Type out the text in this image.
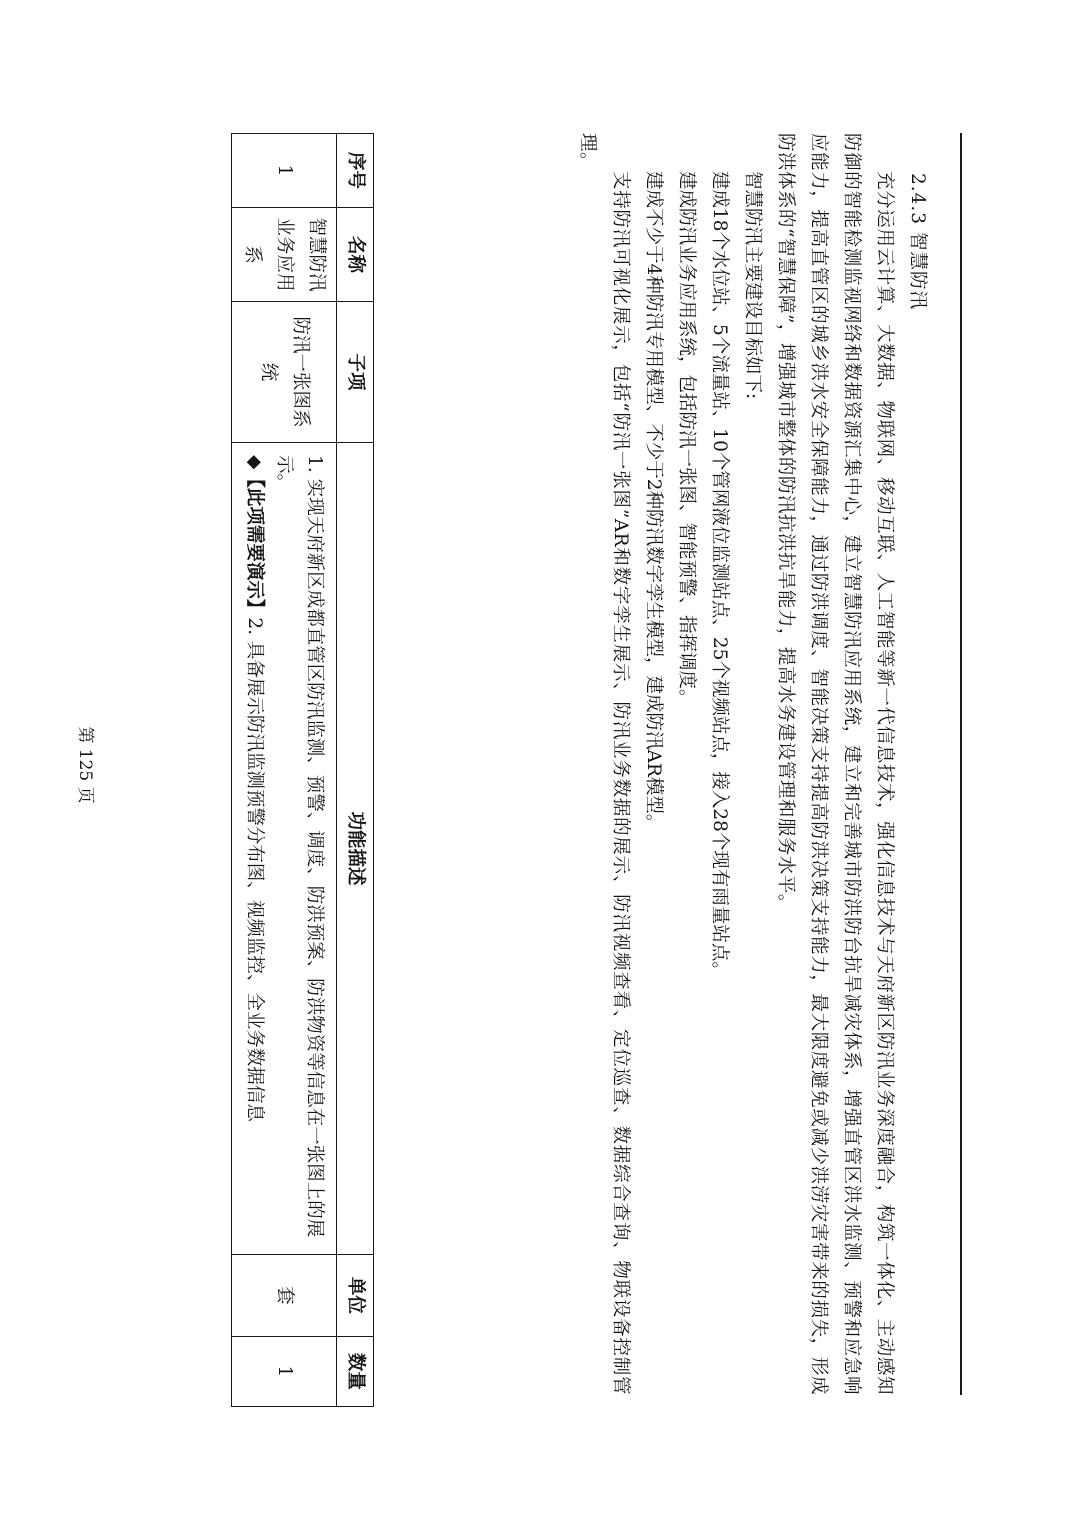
2.4.3 智慧防汛

充分运用云计算、大数据、物联网、移动互联、人工智能等新一代信息技术，强化信息技术与天府新区防汛业务深度融合，构筑一体化、主动感知防御的智能检测监视网络和数据资源汇集中心，建立智慧防汛应用系统，建立和完善城市防洪防台抗旱减灾体系，增强直管区洪水监测、预警和应急响应能力，提高直管区的城乡洪水安全保障能力，通过防洪调度、智能决策支持提高防洪决策支持能力，最大限度避免或减少洪涝灾害带来的损失，形成防洪体系的“智慧保障”，增强城市整体的防汛抗洪抗旱能力，提高水务建设管理和服务水平。

智慧防汛主要建设目标如下:

建成18个水位站、5个流量站、10个管网液位监测站点、25个视频站点，接入28个现有雨量站点。

建成防汛业务应用系统，包括防汛一张图、智能预警、指挥调度。

建成不少于4种防汛专用模型、不少于2种防汛数字孪生模型，建成防汛AR模型。

支持防汛可视化展示，包括“防汛一张图”AR和数字孪生展示、防汛业务数据的展示、防汛视频查看、定位巡查、数据综合查询、物联设备控制管理。

序号	名称	子项	功能描述	单位	数量
1	智慧防汛业务应用系	防汛一张图系统	1. 实现天府新区成都直管区防汛监测、预警、调度、防洪预案、防洪物资等信息在一张图上的展示。

◆【此项需要演示】2. 具备展示防汛监测预警分布图、视频监控、全业务数据信息	套	1
第 125 页
